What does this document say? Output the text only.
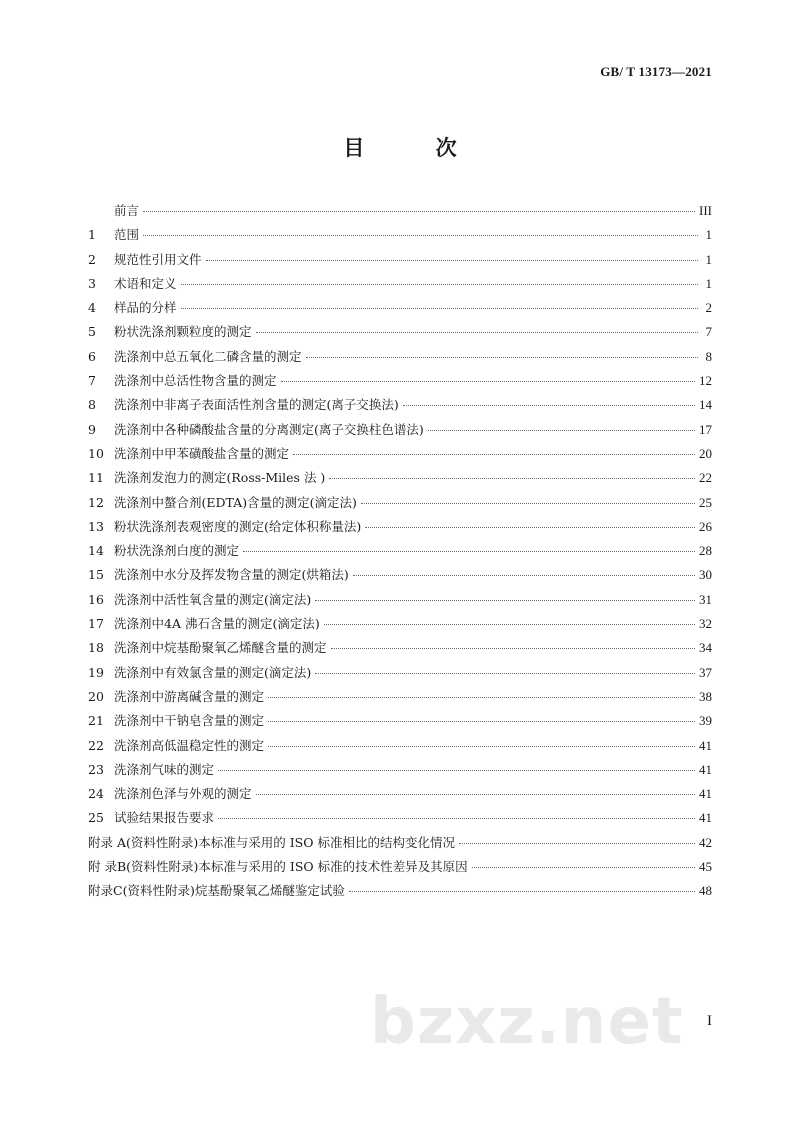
GB/ T 13173—2021
目 次
前言	III
1	范围	1
2	规范性引用文件	1
3	术语和定义	1
4	样品的分样	2
5	粉状洗涤剂颗粒度的测定	7
6	洗涤剂中总五氧化二磷含量的测定	8
7	洗涤剂中总活性物含量的测定	12
8	洗涤剂中非离子表面活性剂含量的测定(离子交换法)	14
9	洗涤剂中各种磷酸盐含量的分离测定(离子交换柱色谱法)	17
10 洗涤剂中甲苯磺酸盐含量的测定	20
11 洗涤剂发泡力的测定(Ross-Miles 法 )	22
12 洗涤剂中螯合剂(EDTA)含量的测定(滴定法)	25
13 粉状洗涤剂表观密度的测定(给定体积称量法)	26
14 粉状洗涤剂白度的测定	28
15 洗涤剂中水分及挥发物含量的测定(烘箱法)	30
16 洗涤剂中活性氧含量的测定(滴定法)	31
17 洗涤剂中4A 沸石含量的测定(滴定法)	32
18 洗涤剂中烷基酚聚氧乙烯醚含量的测定	34
19 洗涤剂中有效氯含量的测定(滴定法)	37
20 洗涤剂中游离碱含量的测定	38
21 洗涤剂中干钠皂含量的测定	39
22 洗涤剂高低温稳定性的测定	41
23 洗涤剂气味的测定	41
24 洗涤剂色泽与外观的测定	41
25 试验结果报告要求	41
附录 A (资料性附录)本标准与采用的 ISO 标准相比的结构变化情况	42
附 录B (资料性附录)本标准与采用的 ISO 标准的技术性差异及其原因	45
附录C (资料性附录)烷基酚聚氧乙烯醚鉴定试验	48
I
bzxz.net
